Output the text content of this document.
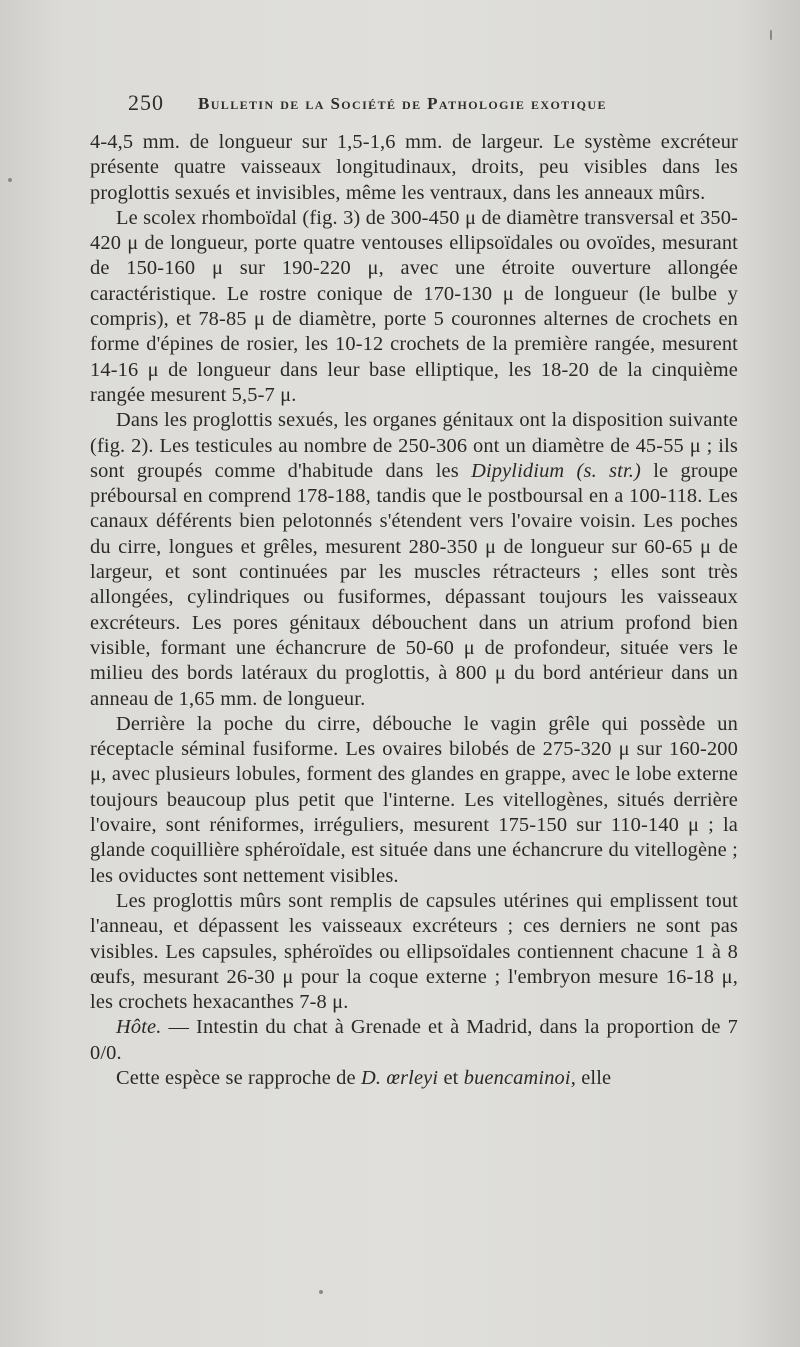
250 Bulletin de la Société de Pathologie exotique

4-4,5 mm. de longueur sur 1,5-1,6 mm. de largeur. Le système excréteur présente quatre vaisseaux longitudinaux, droits, peu visibles dans les proglottis sexués et invisibles, même les ventraux, dans les anneaux mûrs.

Le scolex rhomboïdal (fig. 3) de 300-450 μ de diamètre transversal et 350-420 μ de longueur, porte quatre ventouses ellipsoïdales ou ovoïdes, mesurant de 150-160 μ sur 190-220 μ, avec une étroite ouverture allongée caractéristique. Le rostre conique de 170-130 μ de longueur (le bulbe y compris), et 78-85 μ de diamètre, porte 5 couronnes alternes de crochets en forme d'épines de rosier, les 10-12 crochets de la première rangée, mesurent 14-16 μ de longueur dans leur base elliptique, les 18-20 de la cinquième rangée mesurent 5,5-7 μ.

Dans les proglottis sexués, les organes génitaux ont la disposition suivante (fig. 2). Les testicules au nombre de 250-306 ont un diamètre de 45-55 μ ; ils sont groupés comme d'habitude dans les Dipylidium (s. str.) le groupe préboursal en comprend 178-188, tandis que le postboursal en a 100-118. Les canaux déférents bien pelotonnés s'étendent vers l'ovaire voisin. Les poches du cirre, longues et grêles, mesurent 280-350 μ de longueur sur 60-65 μ de largeur, et sont continuées par les muscles rétracteurs ; elles sont très allongées, cylindriques ou fusiformes, dépassant toujours les vaisseaux excréteurs. Les pores génitaux débouchent dans un atrium profond bien visible, formant une échancrure de 50-60 μ de profondeur, située vers le milieu des bords latéraux du proglottis, à 800 μ du bord antérieur dans un anneau de 1,65 mm. de longueur.

Derrière la poche du cirre, débouche le vagin grêle qui possède un réceptacle séminal fusiforme. Les ovaires bilobés de 275-320 μ sur 160-200 μ, avec plusieurs lobules, forment des glandes en grappe, avec le lobe externe toujours beaucoup plus petit que l'interne. Les vitellogènes, situés derrière l'ovaire, sont réniformes, irréguliers, mesurent 175-150 sur 110-140 μ ; la glande coquillière sphéroïdale, est située dans une échancrure du vitellogène ; les oviductes sont nettement visibles.

Les proglottis mûrs sont remplis de capsules utérines qui emplissent tout l'anneau, et dépassent les vaisseaux excréteurs ; ces derniers ne sont pas visibles. Les capsules, sphéroïdes ou ellipsoïdales contiennent chacune 1 à 8 œufs, mesurant 26-30 μ pour la coque externe ; l'embryon mesure 16-18 μ, les crochets hexacanthes 7-8 μ.

Hôte. — Intestin du chat à Grenade et à Madrid, dans la proportion de 7 0/0.

Cette espèce se rapproche de D. œrleyi et buencaminoi, elle
